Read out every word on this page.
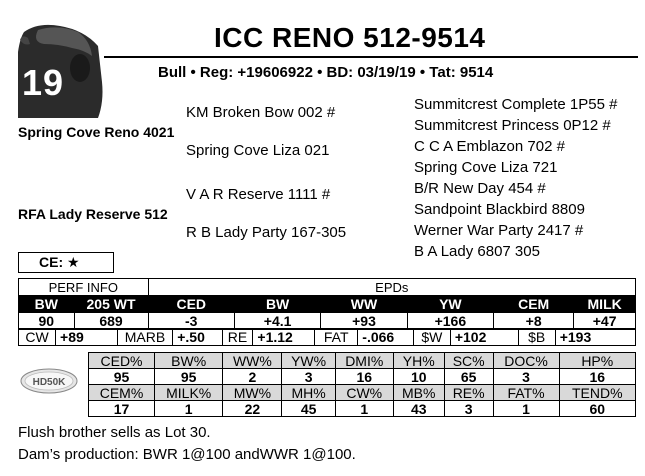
19
ICC RENO 512-9514
Bull • Reg: +19606922 • BD: 03/19/19 • Tat: 9514
KM Broken Bow 002 #
Spring Cove Reno 4021
Spring Cove Liza 021
V A R Reserve 1111 #
RFA Lady Reserve 512
R B Lady Party 167-305
Summitcrest Complete 1P55 #
Summitcrest Princess 0P12 #
C C A Emblazon 702 #
Spring Cove Liza 721
B/R New Day 454 #
Sandpoint Blackbird 8809
Werner War Party 2417 #
B A Lady 6807 305
CE: ★
PERF INFO		EPDs					
BW	205 WT	CED	BW	WW	YW	CEM	MILK
90	689	-3	+4.1	+93	+166	+8	+47
CW	+89	MARB	+.50	RE	+1.12	FAT	-.066	$W	+102	$B	+193
HD50K
CED%	BW%	WW%	YW%	DMI%	YH%	SC%	DOC%	HP%
95	95	2	3	16	10	65	3	16
CEM%	MILK%	MW%	MH%	CW%	MB%	RE%	FAT%	TEND%
17	1	22	45	1	43	3	1	60
Flush brother sells as Lot 30.
Dam’s production: BWR 1@100 andWWR 1@100.
